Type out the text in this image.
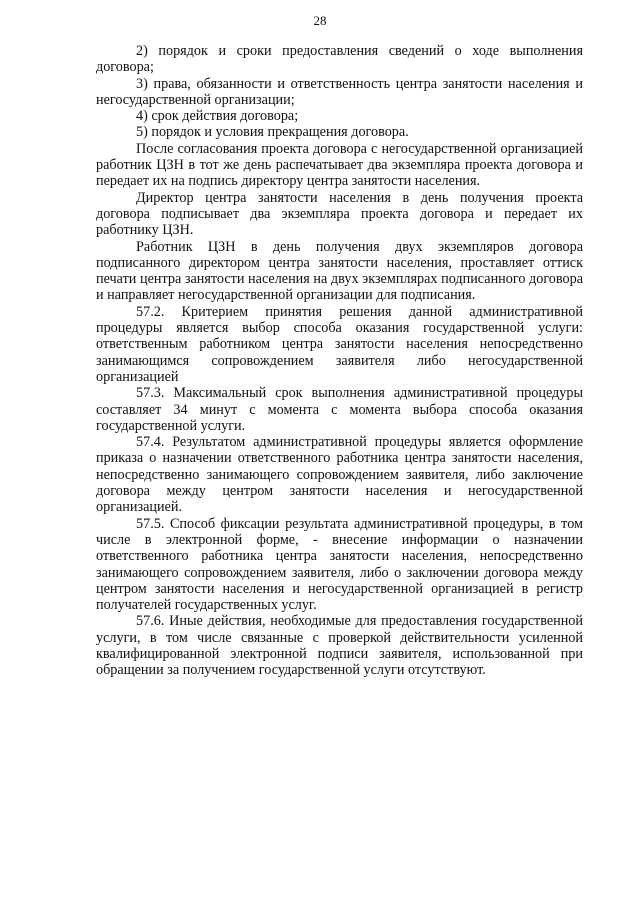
28

2) порядок и сроки предоставления сведений о ходе выполнения договора;

3) права, обязанности и ответственность центра занятости населения и негосударственной организации;

4) срок действия договора;

5) порядок и условия прекращения договора.

После согласования проекта договора с негосударственной организацией работник ЦЗН в тот же день распечатывает два экземпляра проекта договора и передает их на подпись директору центра занятости населения.

Директор центра занятости населения в день получения проекта договора подписывает два экземпляра проекта договора и передает их работнику ЦЗН.

Работник ЦЗН в день получения двух экземпляров договора подписанного директором центра занятости населения, проставляет оттиск печати центра занятости населения на двух экземплярах подписанного договора и направляет негосударственной организации для подписания.

57.2. Критерием принятия решения данной административной процедуры является выбор способа оказания государственной услуги: ответственным работником центра занятости населения непосредственно занимающимся сопровождением заявителя либо негосударственной организацией

57.3. Максимальный срок выполнения административной процедуры составляет 34 минут с момента с момента выбора способа оказания государственной услуги.

57.4. Результатом административной процедуры является оформление приказа о назначении ответственного работника центра занятости населения, непосредственно занимающего сопровождением заявителя, либо заключение договора между центром занятости населения и негосударственной организацией.

57.5. Способ фиксации результата административной процедуры, в том числе в электронной форме, - внесение информации о назначении ответственного работника центра занятости населения, непосредственно занимающего сопровождением заявителя, либо о заключении договора между центром занятости населения и негосударственной организацией в регистр получателей государственных услуг.

57.6. Иные действия, необходимые для предоставления государственной услуги, в том числе связанные с проверкой действительности усиленной квалифицированной электронной подписи заявителя, использованной при обращении за получением государственной услуги отсутствуют.
